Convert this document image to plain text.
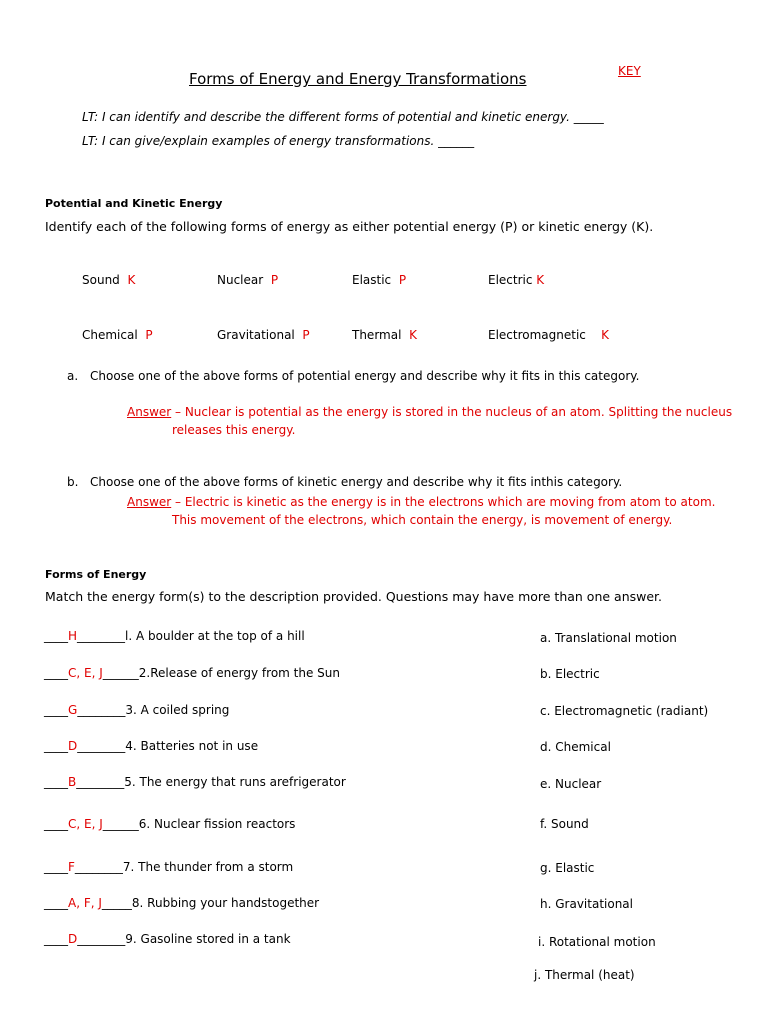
Forms of Energy and Energy Transformations	KEY
LT: I can identify and describe the different forms of potential and kinetic energy. _____
LT: I can give/explain examples of energy transformations. ______
Potential and Kinetic Energy
Identify each of the following forms of energy as either potential energy (P) or kinetic energy (K).
Sound K	Nuclear P	Elastic P	Electric K
Chemical P	Gravitational P	Thermal K	Electromagnetic K
a. Choose one of the above forms of potential energy and describe why it fits in this category.
Answer – Nuclear is potential as the energy is stored in the nucleus of an atom. Splitting the nucleus
releases this energy.
b. Choose one of the above forms of kinetic energy and describe why it fits inthis category.
Answer – Electric is kinetic as the energy is in the electrons which are moving from atom to atom.
This movement of the electrons, which contain the energy, is movement of energy.
Forms of Energy
Match the energy form(s) to the description provided. Questions may have more than one answer.
____H________l. A boulder at the top of a hill
____C, E, J______2.Release of energy from the Sun
____G________3. A coiled spring
____D________4. Batteries not in use
____B________5. The energy that runs arefrigerator
____C, E, J______6. Nuclear fission reactors
____F________7. The thunder from a storm
____A, F, J_____8. Rubbing your handstogether
____D________9. Gasoline stored in a tank
a. Translational motion
b. Electric
c. Electromagnetic (radiant)
d. Chemical
e. Nuclear
f. Sound
g. Elastic
h. Gravitational
i. Rotational motion
j. Thermal (heat)
